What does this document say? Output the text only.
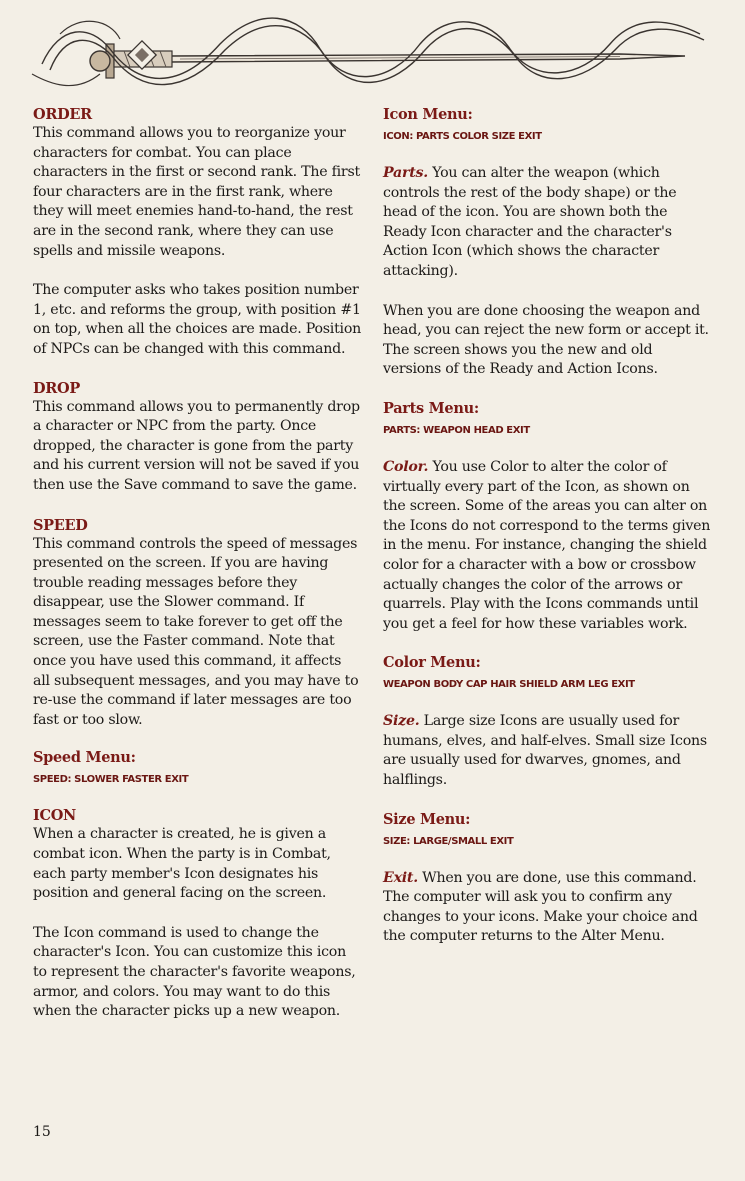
ORDER

This command allows you to reorganize your characters for combat. You can place characters in the first or second rank. The first four characters are in the first rank, where they will meet enemies hand-to-hand, the rest are in the second rank, where they can use spells and missile weapons.

The computer asks who takes position number 1, etc. and reforms the group, with position #1 on top, when all the choices are made. Position of NPCs can be changed with this command.

DROP

This command allows you to permanently drop a character or NPC from the party. Once dropped, the character is gone from the party and his current version will not be saved if you then use the Save command to save the game.

SPEED

This command controls the speed of messages presented on the screen. If you are having trouble reading messages before they disappear, use the Slower command. If messages seem to take forever to get off the screen, use the Faster command. Note that once you have used this command, it affects all subsequent messages, and you may have to re-use the command if later messages are too fast or too slow.

Speed Menu:

SPEED: SLOWER FASTER EXIT

ICON

When a character is created, he is given a combat icon. When the party is in Combat, each party member's Icon designates his position and general facing on the screen.

The Icon command is used to change the character's Icon. You can customize this icon to represent the character's favorite weapons, armor, and colors. You may want to do this when the character picks up a new weapon.

Icon Menu:

ICON: PARTS COLOR SIZE EXIT

Parts. You can alter the weapon (which controls the rest of the body shape) or the head of the icon. You are shown both the Ready Icon character and the character's Action Icon (which shows the character attacking).

When you are done choosing the weapon and head, you can reject the new form or accept it. The screen shows you the new and old versions of the Ready and Action Icons.

Parts Menu:

PARTS: WEAPON HEAD EXIT

Color. You use Color to alter the color of virtually every part of the Icon, as shown on the screen. Some of the areas you can alter on the Icons do not correspond to the terms given in the menu. For instance, changing the shield color for a character with a bow or crossbow actually changes the color of the arrows or quarrels. Play with the Icons commands until you get a feel for how these variables work.

Color Menu:

WEAPON BODY CAP HAIR SHIELD ARM LEG EXIT

Size. Large size Icons are usually used for humans, elves, and half-elves. Small size Icons are usually used for dwarves, gnomes, and halflings.

Size Menu:

SIZE: LARGE/SMALL EXIT

Exit. When you are done, use this command. The computer will ask you to confirm any changes to your icons. Make your choice and the computer returns to the Alter Menu.

15
